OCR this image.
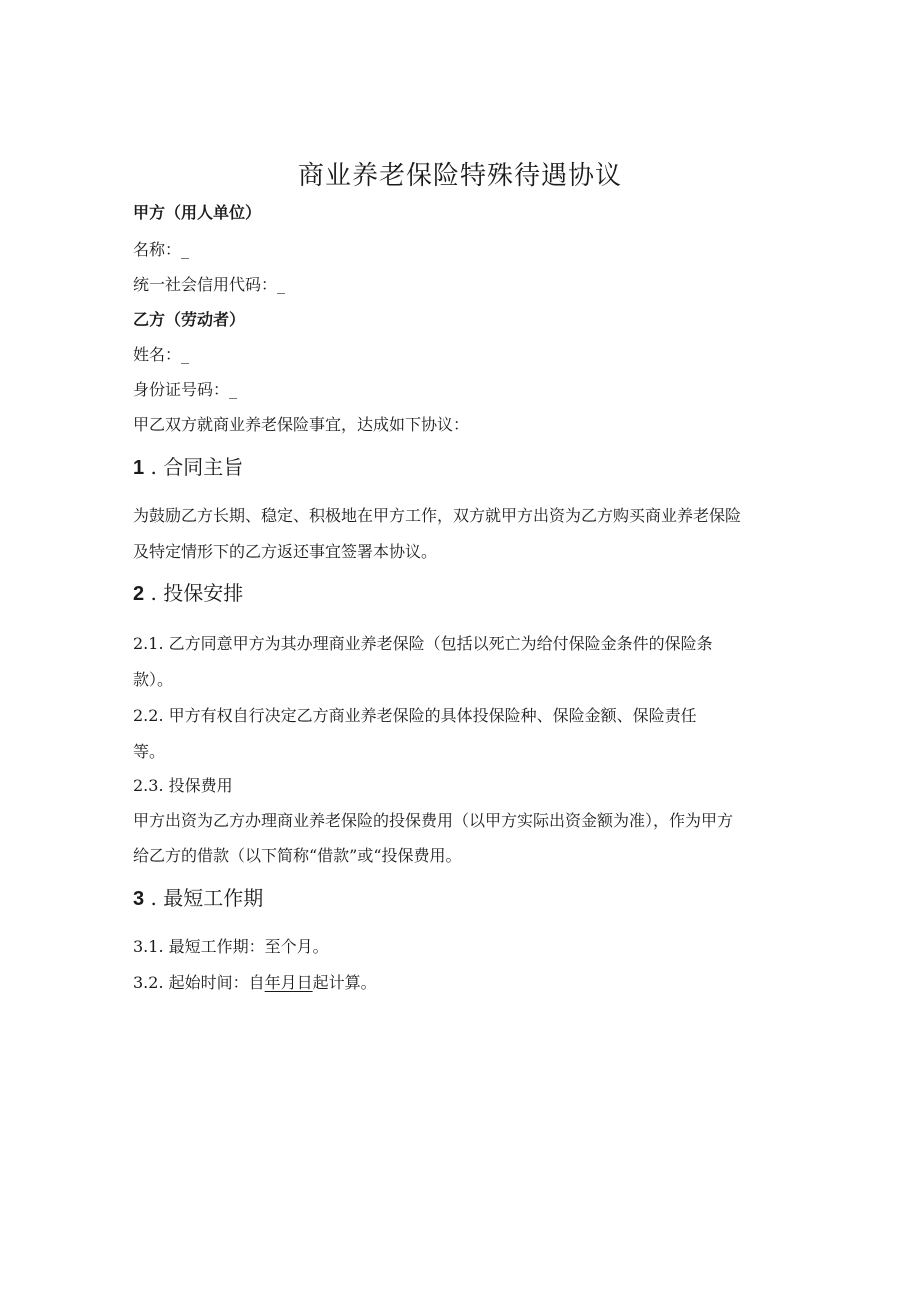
商业养老保险特殊待遇协议
甲方（用人单位）
名称：_
统一社会信用代码：_
乙方（劳动者）
姓名：_
身份证号码：_
甲乙双方就商业养老保险事宜，达成如下协议：
1 . 合同主旨
为鼓励乙方长期、稳定、积极地在甲方工作，双方就甲方出资为乙方购买商业养老保险
及特定情形下的乙方返还事宜签署本协议。
2 . 投保安排
2.1. 乙方同意甲方为其办理商业养老保险（包括以死亡为给付保险金条件的保险条
款）。
2.2. 甲方有权自行决定乙方商业养老保险的具体投保险种、保险金额、保险责任
等。
2.3. 投保费用
甲方出资为乙方办理商业养老保险的投保费用（以甲方实际出资金额为准），作为甲方
给乙方的借款（以下简称“借款”或“投保费用。
3 . 最短工作期
3.1. 最短工作期：至个月。
3.2. 起始时间：自年月日起计算。
